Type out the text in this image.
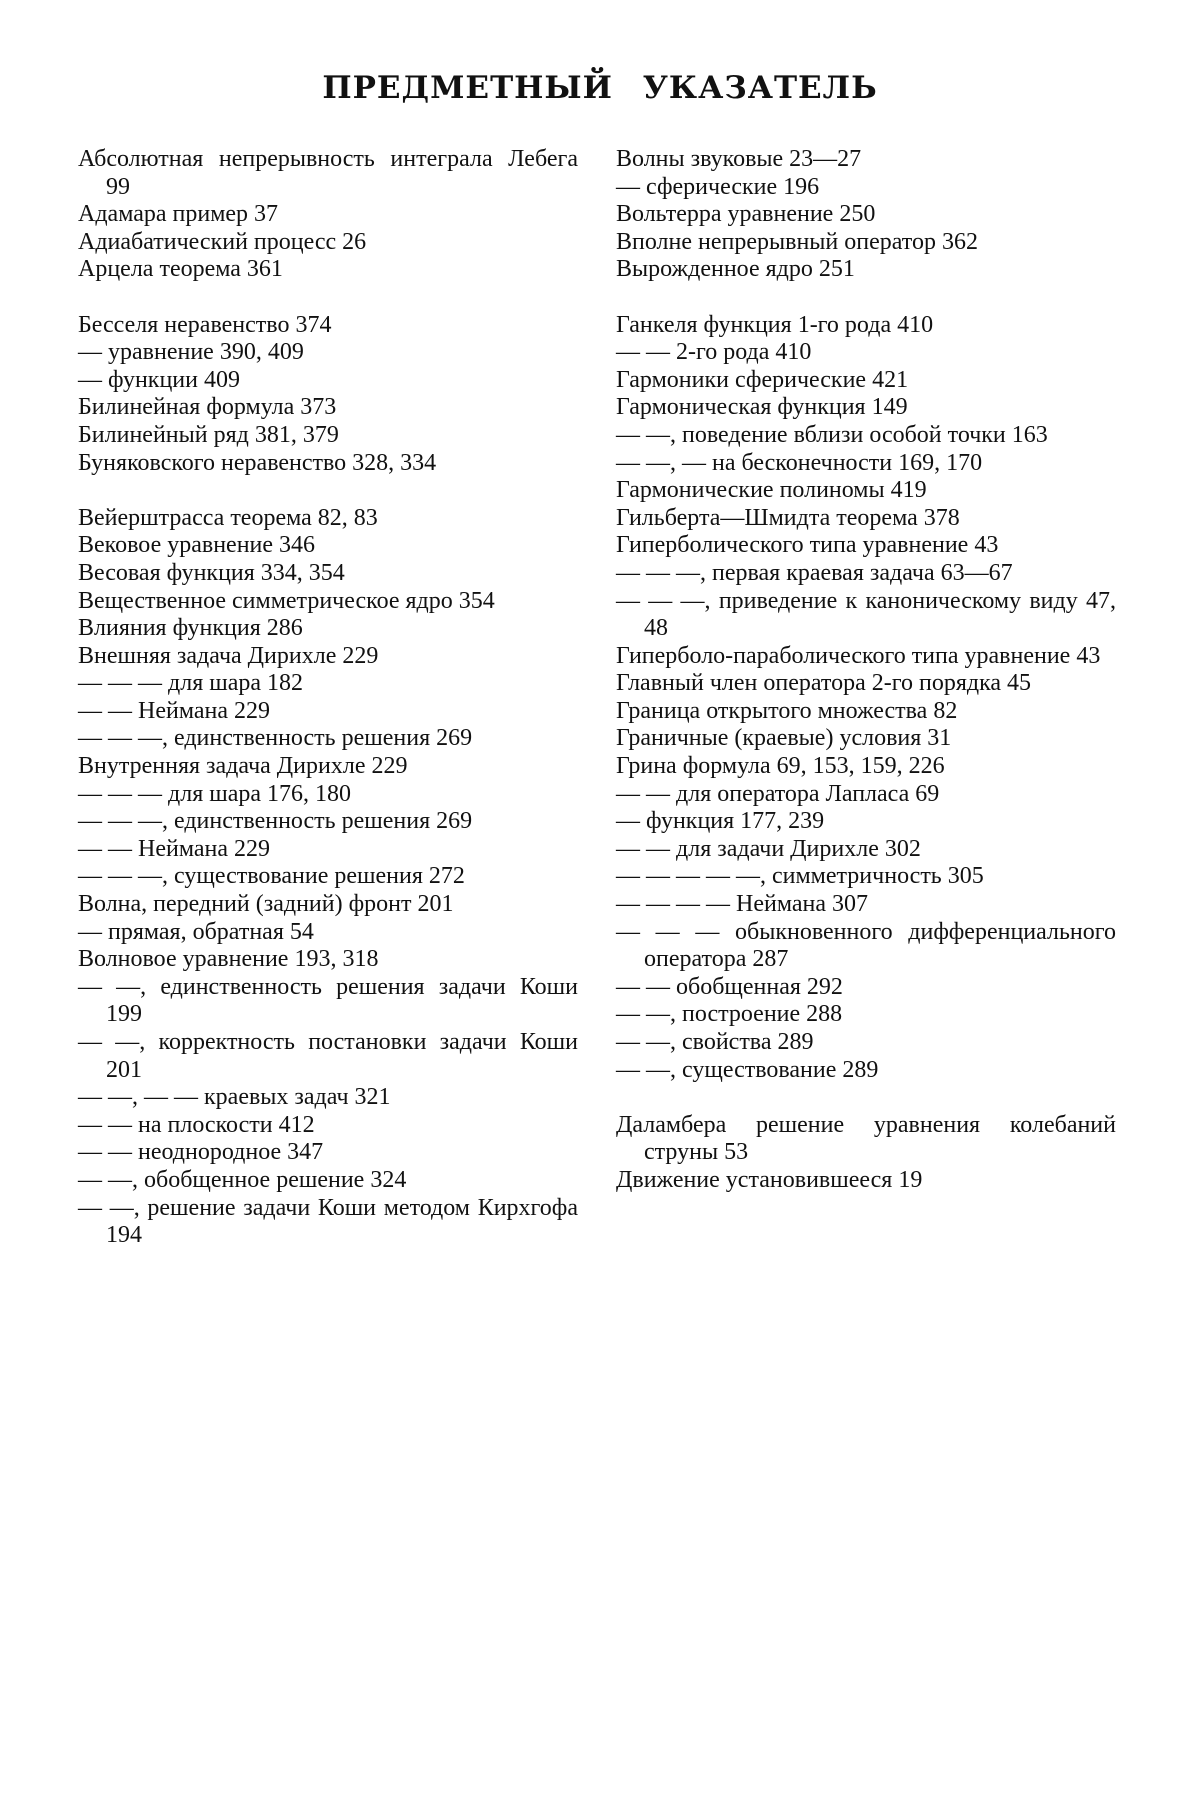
ПРЕДМЕТНЫЙ УКАЗАТЕЛЬ
Абсолютная непрерывность интеграла Лебега 99
Адамара пример 37
Адиабатический процесс 26
Арцела теорема 361
Бесселя неравенство 374
— уравнение 390, 409
— функции 409
Билинейная формула 373
Билинейный ряд 381, 379
Буняковского неравенство 328, 334
Вейерштрасса теорема 82, 83
Вековое уравнение 346
Весовая функция 334, 354
Вещественное симметрическое ядро 354
Влияния функция 286
Внешняя задача Дирихле 229
— — — для шара 182
— — Неймана 229
— — —, единственность решения 269
Внутренняя задача Дирихле 229
— — — для шара 176, 180
— — —, единственность решения 269
— — Неймана 229
— — —, существование решения 272
Волна, передний (задний) фронт 201
— прямая, обратная 54
Волновое уравнение 193, 318
— —, единственность решения задачи Коши 199
— —, корректность постановки задачи Коши 201
— —, — — краевых задач 321
— — на плоскости 412
— — неоднородное 347
— —, обобщенное решение 324
— —, решение задачи Коши методом Кирхгофа 194
Волны звуковые 23—27
— сферические 196
Вольтерра уравнение 250
Вполне непрерывный оператор 362
Вырожденное ядро 251
Ганкеля функция 1-го рода 410
— — 2-го рода 410
Гармоники сферические 421
Гармоническая функция 149
— —, поведение вблизи особой точки 163
— —, — на бесконечности 169, 170
Гармонические полиномы 419
Гильберта—Шмидта теорема 378
Гиперболического типа уравнение 43
— — —, первая краевая задача 63—67
— — —, приведение к каноническому виду 47, 48
Гиперболо-параболического типа уравнение 43
Главный член оператора 2-го порядка 45
Граница открытого множества 82
Граничные (краевые) условия 31
Грина формула 69, 153, 159, 226
— — для оператора Лапласа 69
— функция 177, 239
— — для задачи Дирихле 302
— — — — —, симметричность 305
— — — — Неймана 307
— — — обыкновенного дифференциального оператора 287
— — обобщенная 292
— —, построение 288
— —, свойства 289
— —, существование 289
Даламбера решение уравнения колебаний струны 53
Движение установившееся 19
